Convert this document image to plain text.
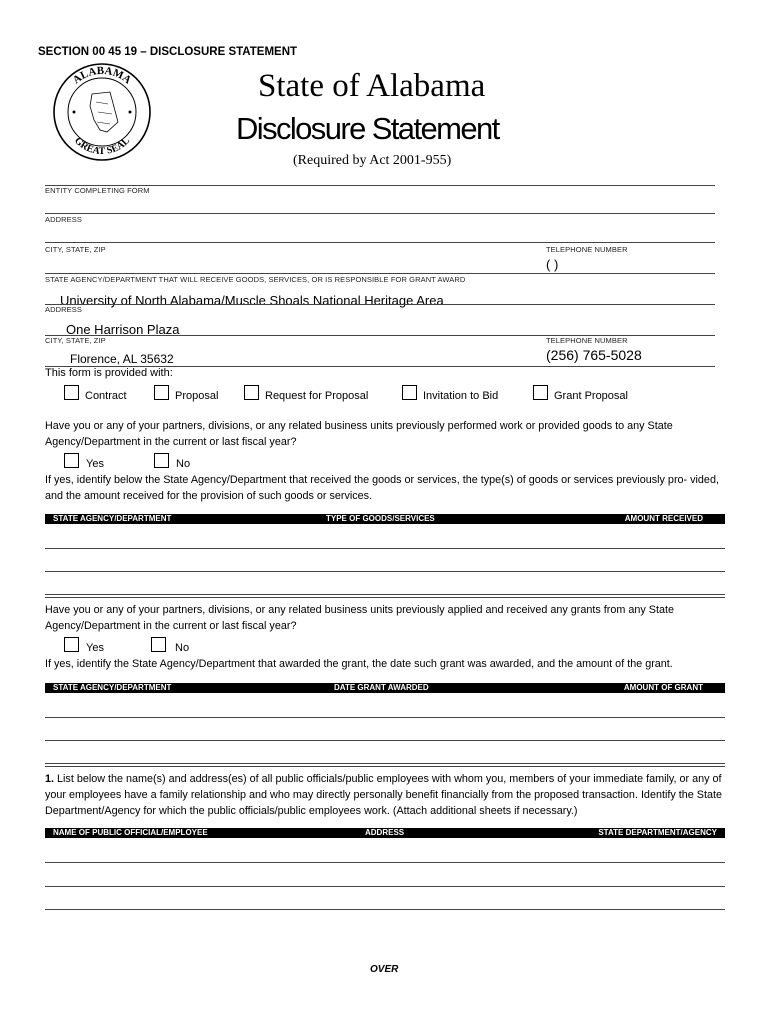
SECTION 00 45 19 – DISCLOSURE STATEMENT
ALABAMA
GREAT SEAL
State of Alabama
Disclosure Statement
(Required by Act 2001-955)
ENTITY COMPLETING FORM
ADDRESS
CITY, STATE, ZIP	TELEPHONE NUMBER
( )
STATE AGENCY/DEPARTMENT THAT WILL RECEIVE GOODS, SERVICES, OR IS RESPONSIBLE FOR GRANT AWARD
University of North Alabama/Muscle Shoals National Heritage Area
ADDRESS
One Harrison Plaza
CITY, STATE, ZIP	TELEPHONE NUMBER
Florence, AL 35632	(256) 765-5028
This form is provided with:
Contract	Proposal	Request for Proposal	Invitation to Bid	Grant Proposal
Have you or any of your partners, divisions, or any related business units previously performed work or provided goods to any State Agency/Department in the current or last fiscal year?
Yes	No
If yes, identify below the State Agency/Department that received the goods or services, the type(s) of goods or services previously pro- vided, and the amount received for the provision of such goods or services.
STATE AGENCY/DEPARTMENT	TYPE OF GOODS/SERVICES	AMOUNT RECEIVED
Have you or any of your partners, divisions, or any related business units previously applied and received any grants from any State Agency/Department in the current or last fiscal year?
Yes	No
If yes, identify the State Agency/Department that awarded the grant, the date such grant was awarded, and the amount of the grant.
STATE AGENCY/DEPARTMENT	DATE GRANT AWARDED	AMOUNT OF GRANT
1. List below the name(s) and address(es) of all public officials/public employees with whom you, members of your immediate family, or any of your employees have a family relationship and who may directly personally benefit financially from the proposed transaction. Identify the State Department/Agency for which the public officials/public employees work. (Attach additional sheets if necessary.)
NAME OF PUBLIC OFFICIAL/EMPLOYEE	ADDRESS	STATE DEPARTMENT/AGENCY
OVER
